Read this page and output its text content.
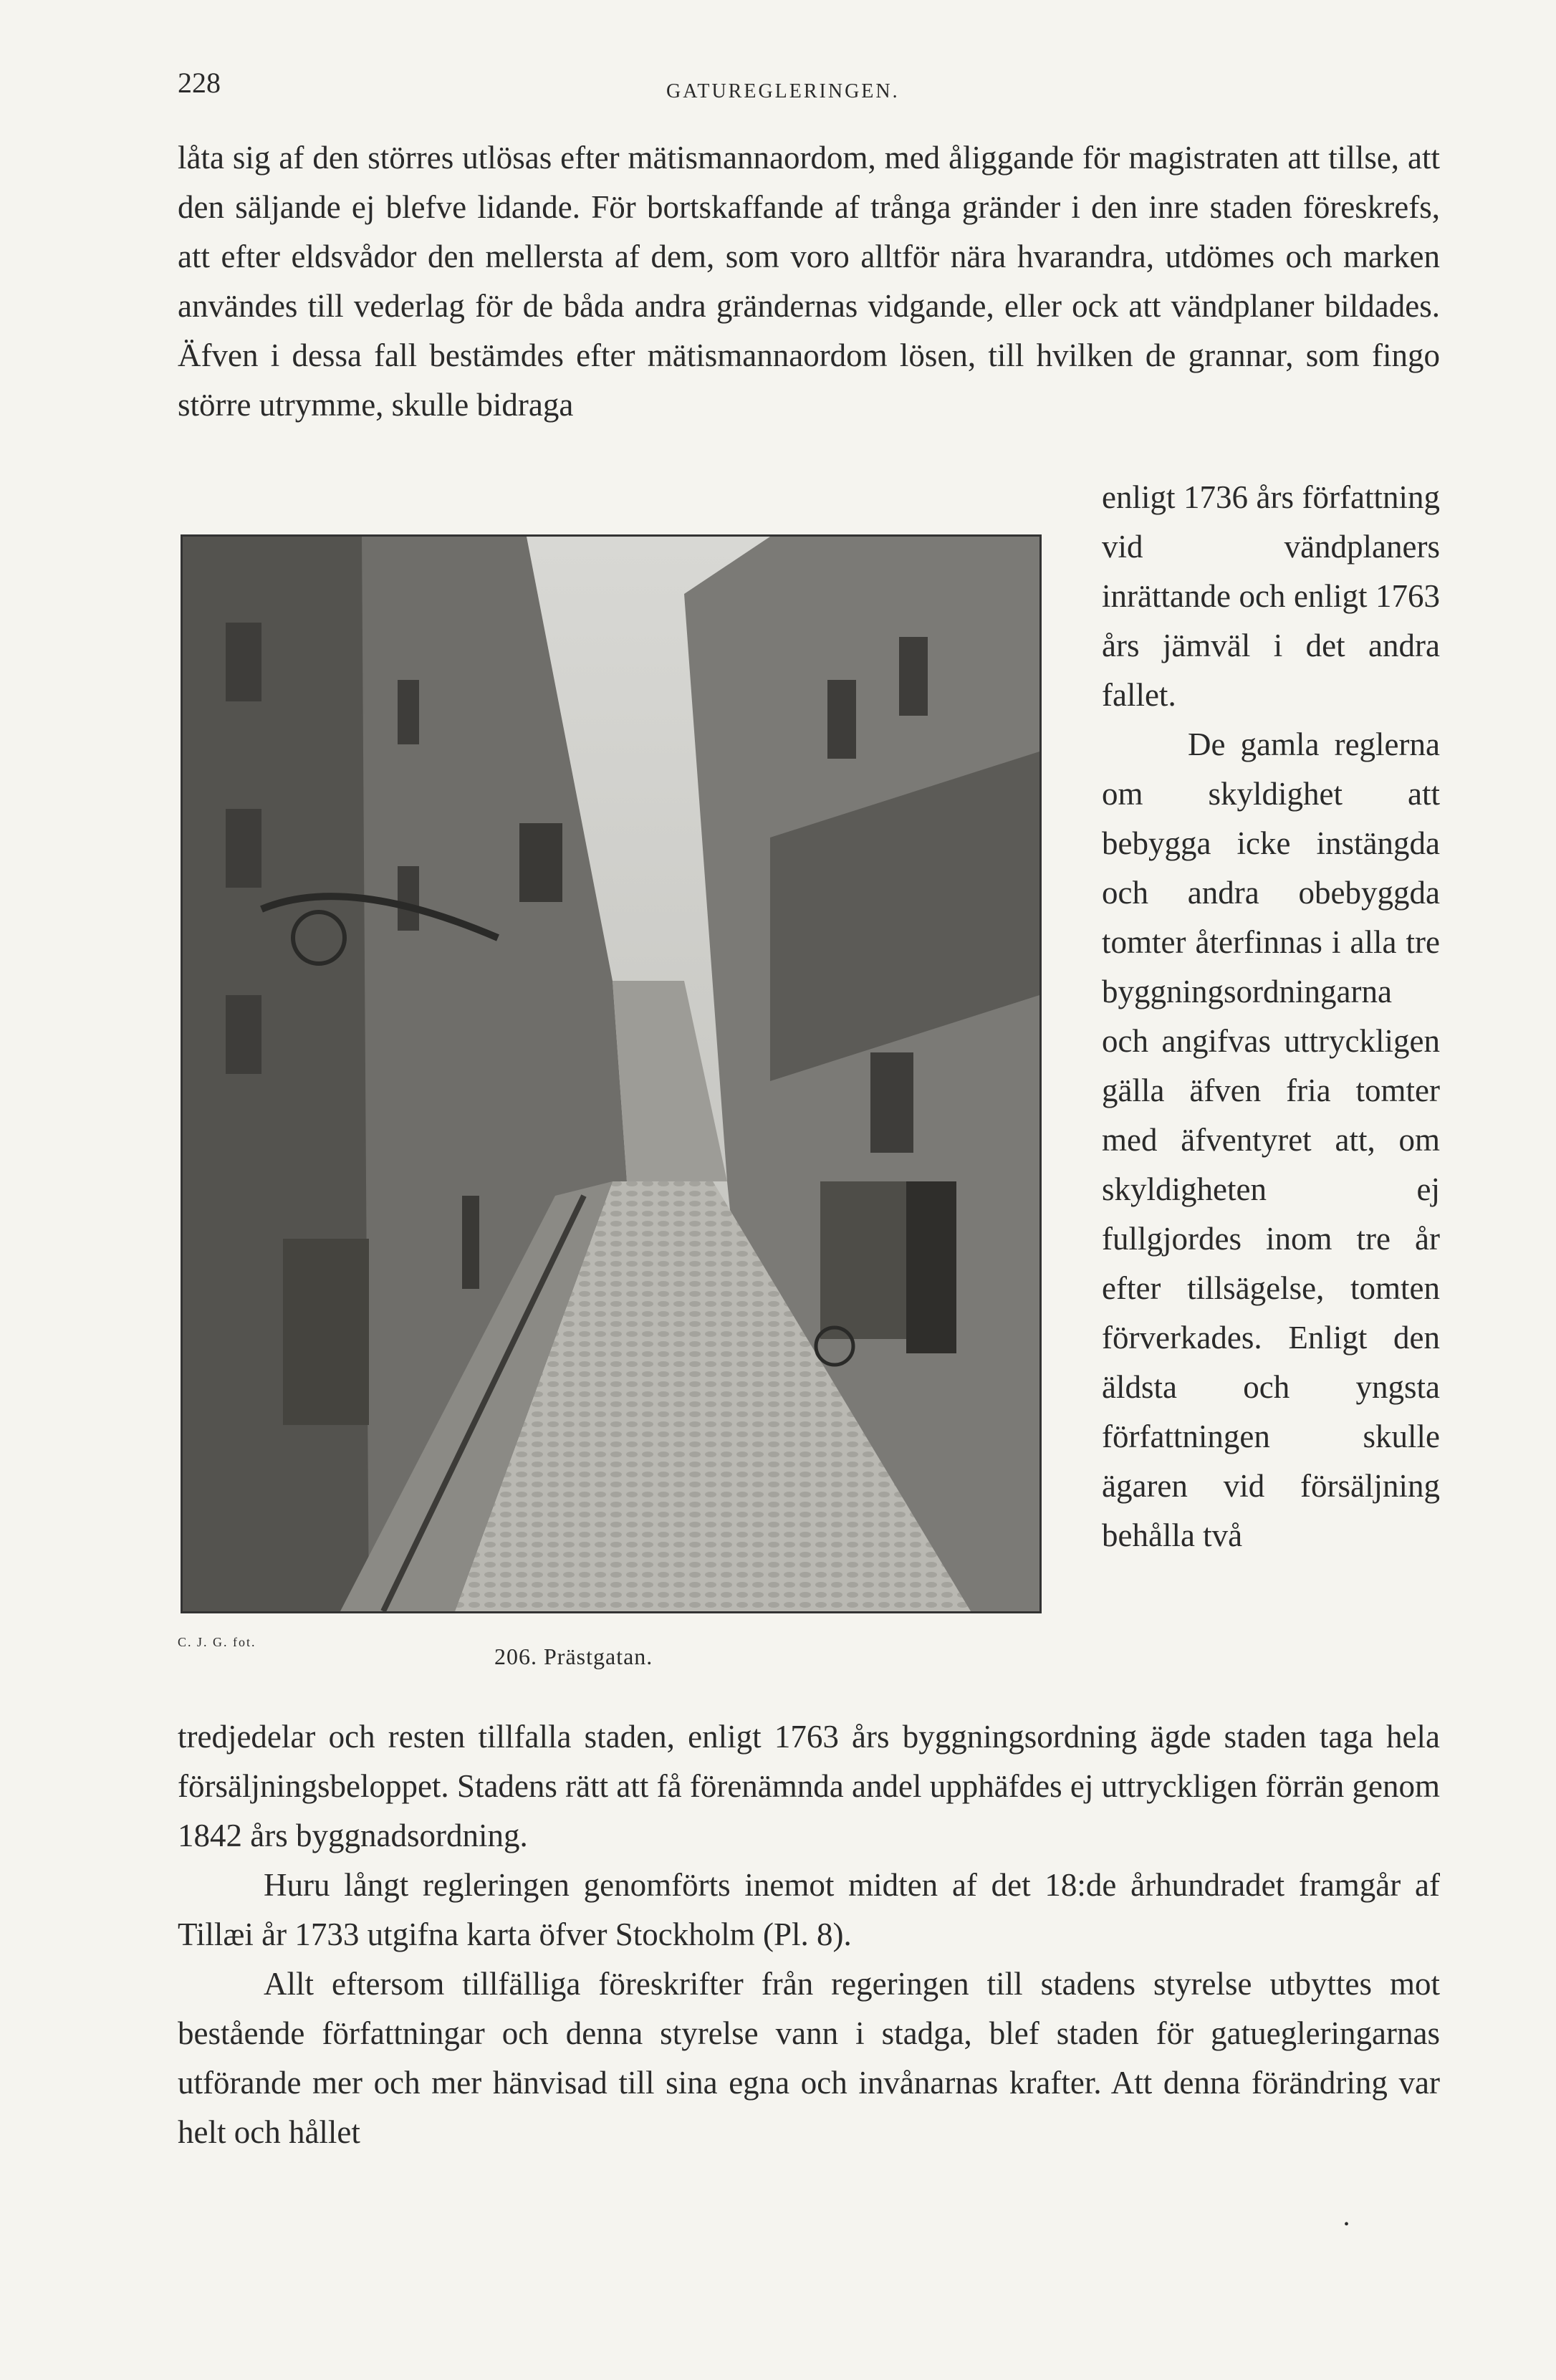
228	GATUREGLERINGEN.

låta sig af den störres utlösas efter mätismannaordom, med åliggande för magistraten att tillse, att den säljande ej blefve lidande. För bortskaffande af trånga gränder i den inre staden föreskrefs, att efter eldsvådor den mellersta af dem, som voro alltför nära hvarandra, utdömes och marken användes till vederlag för de båda andra grändernas vidgande, eller ock att vändplaner bildades. Äfven i dessa fall bestämdes efter mätismannaordom lösen, till hvilken de grannar, som fingo större utrymme, skulle bidraga

enligt 1736 års författning vid vändplaners inrättande och enligt 1763 års jämväl i det andra fallet.

De gamla reglerna om skyldighet att bebygga icke instängda och andra obebyggda tomter återfinnas i alla tre byggningsordningarna och angifvas uttryckligen gälla äfven fria tomter med äfventyret att, om skyldigheten ej fullgjordes inom tre år efter tillsägelse, tomten förverkades. Enligt den äldsta och yngsta författningen skulle ägaren vid försäljning behålla två

C. J. G. fot.
206. Prästgatan.

tredjedelar och resten tillfalla staden, enligt 1763 års byggningsordning ägde staden taga hela försäljningsbeloppet. Stadens rätt att få förenämnda andel upphäfdes ej uttryckligen förrän genom 1842 års byggnadsordning.

Huru långt regleringen genomförts inemot midten af det 18:de århundradet framgår af Tillæi år 1733 utgifna karta öfver Stockholm (Pl. 8).

Allt eftersom tillfälliga föreskrifter från regeringen till stadens styrelse utbyttes mot bestående författningar och denna styrelse vann i stadga, blef staden för gatuegleringarnas utförande mer och mer hänvisad till sina egna och invånarnas krafter. Att denna förändring var helt och hållet

•
